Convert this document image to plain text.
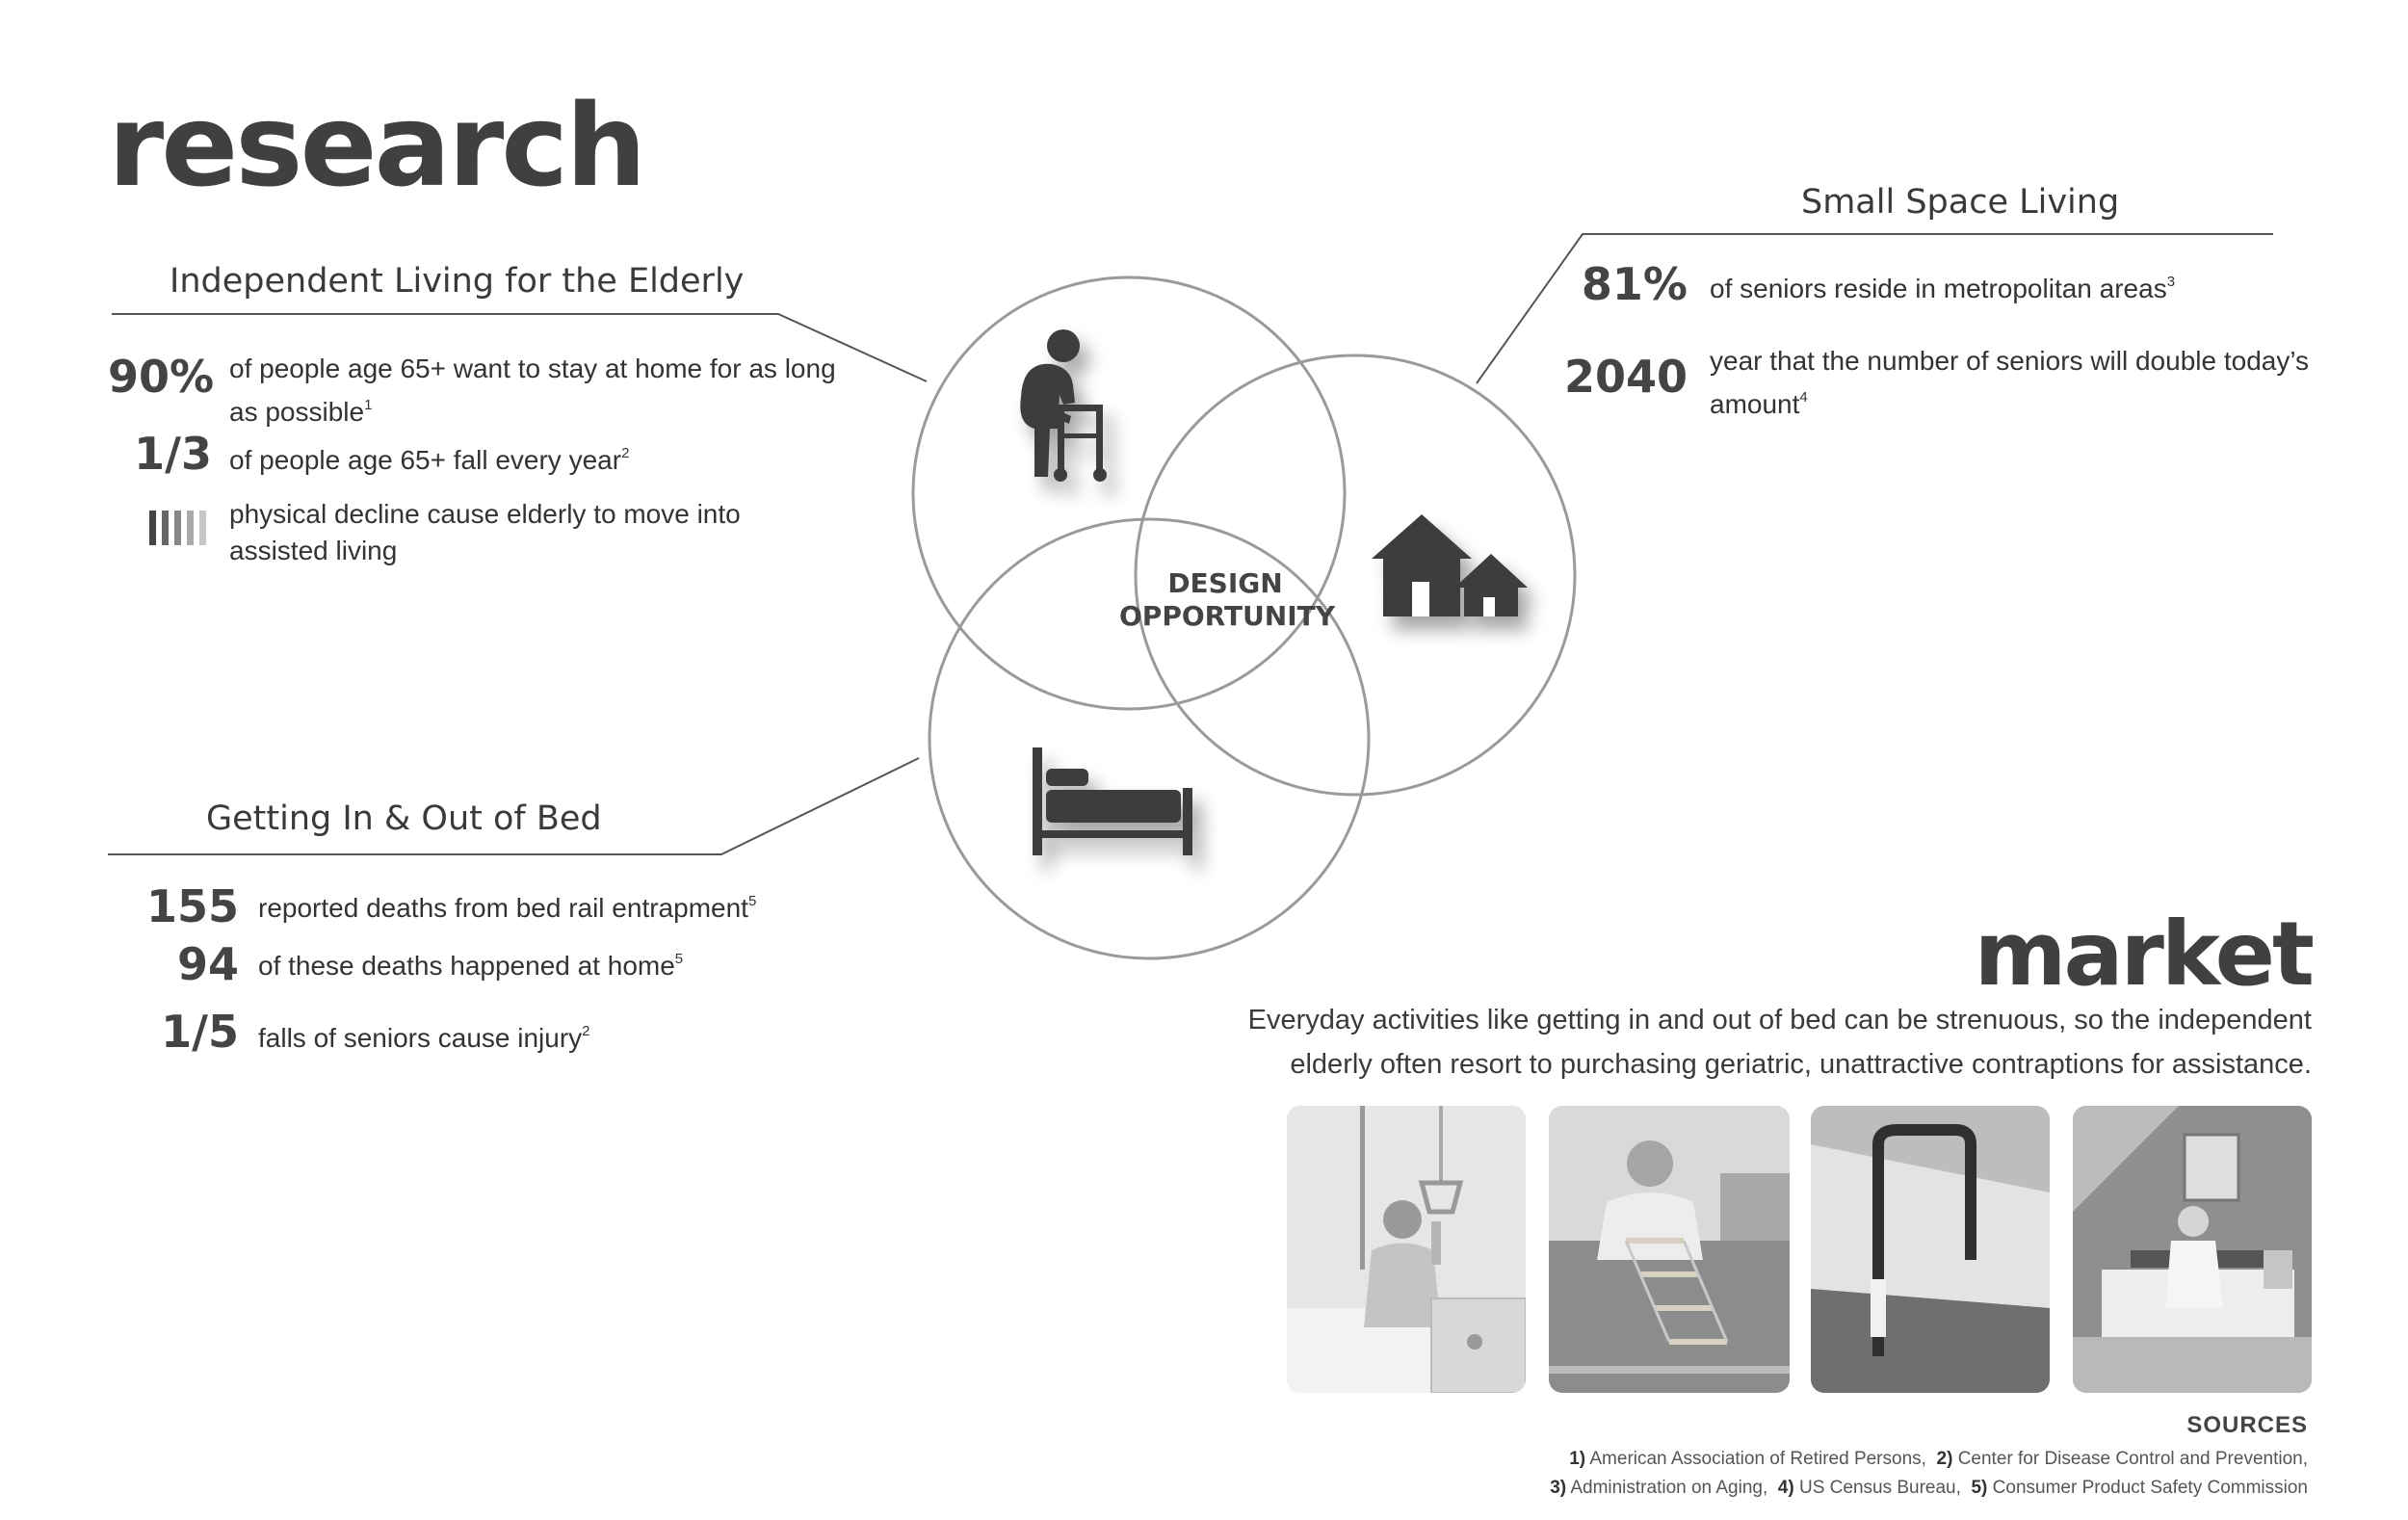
research
market
DESIGN
OPPORTUNITY
Independent Living for the Elderly
90% of people age 65+ want to stay at home for as long as possible$^1$
1/3 of people age 65+ fall every year$^2$
physical decline cause elderly to move into assisted living
Small Space Living
81% of seniors reside in metropolitan areas$^3$
2040 year that the number of seniors will double today’s amount$^4$
Getting In & Out of Bed
155 reported deaths from bed rail entrapment$^5$
94 of these deaths happened at home$^5$
1/5 falls of seniors cause injury$^2$	Everyday activities like getting in and out of bed can be strenuous, so the independent
elderly often resort to purchasing geriatric, unattractive contraptions for assistance.
SOURCES
1) American Association of Retired Persons, 2) Center for Disease Control and Prevention,
3) Administration on Aging, 4) US Census Bureau, 5) Consumer Product Safety Commission
